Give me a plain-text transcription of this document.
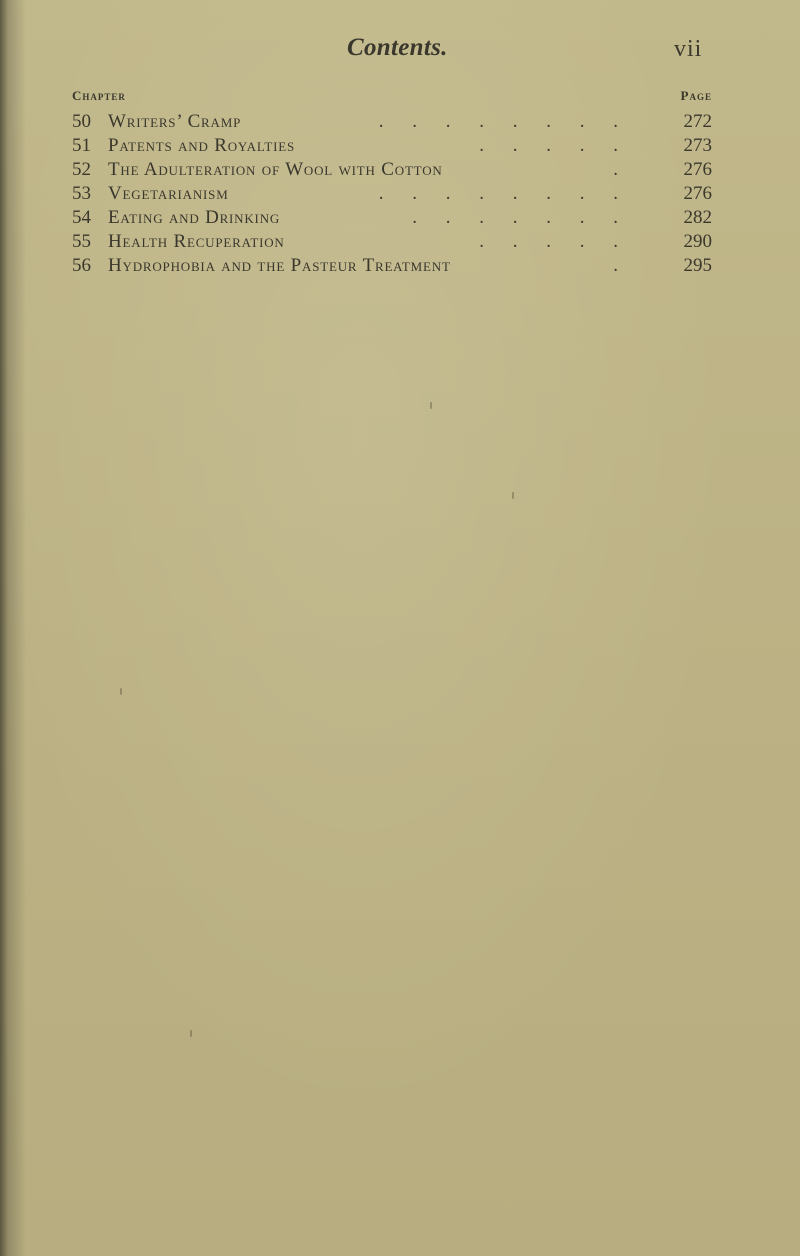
Contents.	vii
Chapter	Page
50 Writers’ Cramp	. . . . . . . .	272
51 Patents and Royalties	. . . . .	273
52 The Adulteration of Wool with Cotton	.	276
53 Vegetarianism	. . . . . . . .	276
54 Eating and Drinking	. . . . . . .	282
55 Health Recuperation	. . . . .	290
56 Hydrophobia and the Pasteur Treatment	.	295
